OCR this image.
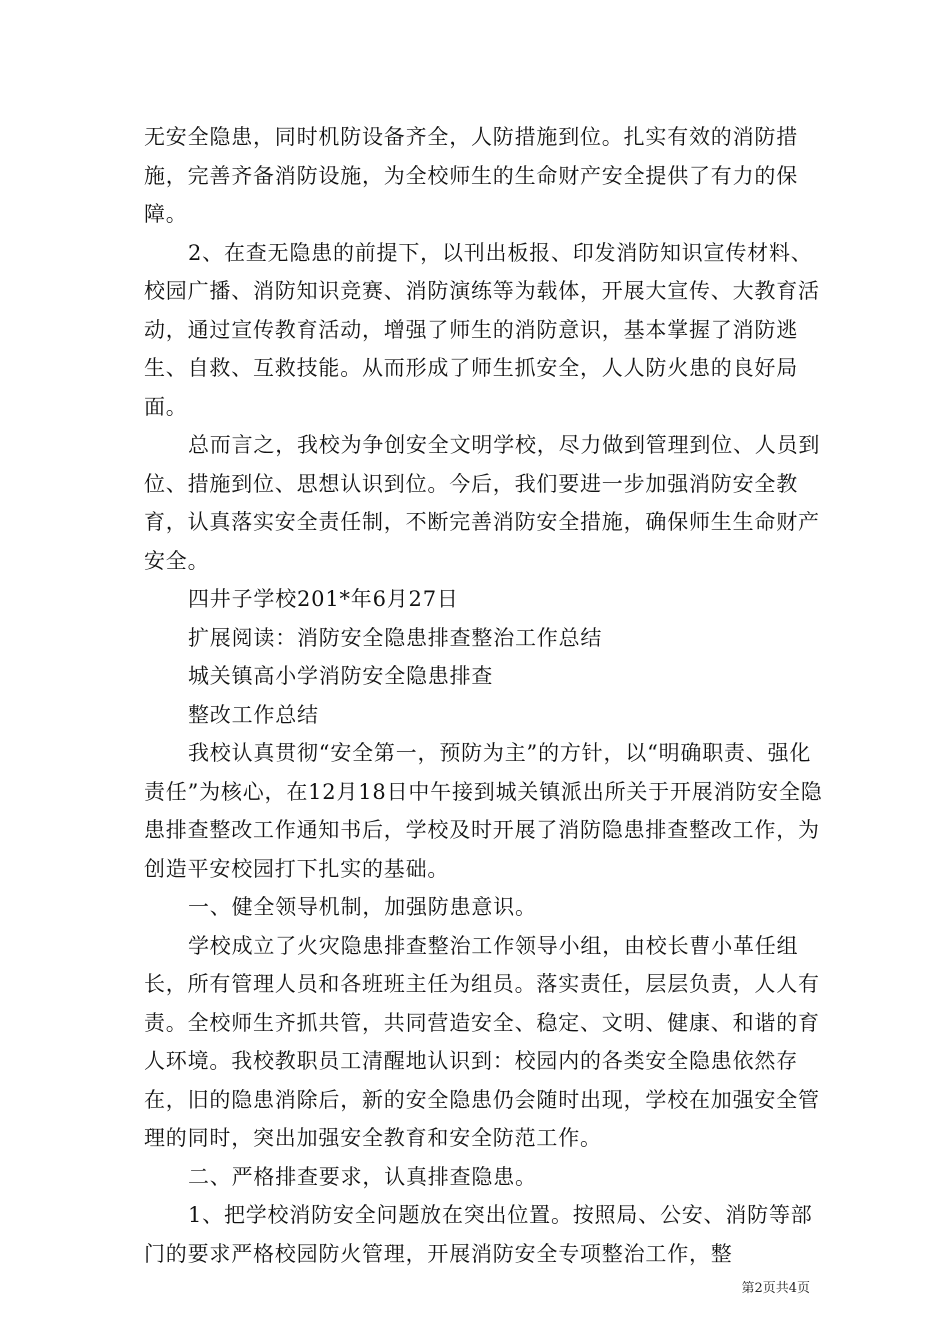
无安全隐患，同时机防设备齐全，人防措施到位。扎实有效的消防措施，完善齐备消防设施，为全校师生的生命财产安全提供了有力的保障。

2、在查无隐患的前提下，以刊出板报、印发消防知识宣传材料、校园广播、消防知识竞赛、消防演练等为载体，开展大宣传、大教育活动，通过宣传教育活动，增强了师生的消防意识，基本掌握了消防逃生、自救、互救技能。从而形成了师生抓安全，人人防火患的良好局面。

总而言之，我校为争创安全文明学校，尽力做到管理到位、人员到位、措施到位、思想认识到位。今后，我们要进一步加强消防安全教育，认真落实安全责任制，不断完善消防安全措施，确保师生生命财产安全。

四井子学校201*年6月27日

扩展阅读：消防安全隐患排查整治工作总结

城关镇高小学消防安全隐患排查

整改工作总结

我校认真贯彻“安全第一，预防为主”的方针，以“明确职责、强化责任”为核心，在12月18日中午接到城关镇派出所关于开展消防安全隐患排查整改工作通知书后，学校及时开展了消防隐患排查整改工作，为创造平安校园打下扎实的基础。

一、健全领导机制，加强防患意识。

学校成立了火灾隐患排查整治工作领导小组，由校长曹小革任组长，所有管理人员和各班班主任为组员。落实责任，层层负责，人人有责。全校师生齐抓共管，共同营造安全、稳定、文明、健康、和谐的育人环境。我校教职员工清醒地认识到：校园内的各类安全隐患依然存在，旧的隐患消除后，新的安全隐患仍会随时出现，学校在加强安全管理的同时，突出加强安全教育和安全防范工作。

二、严格排查要求，认真排查隐患。

1、把学校消防安全问题放在突出位置。按照局、公安、消防等部门的要求严格校园防火管理，开展消防安全专项整治工作，整

第2页共4页
